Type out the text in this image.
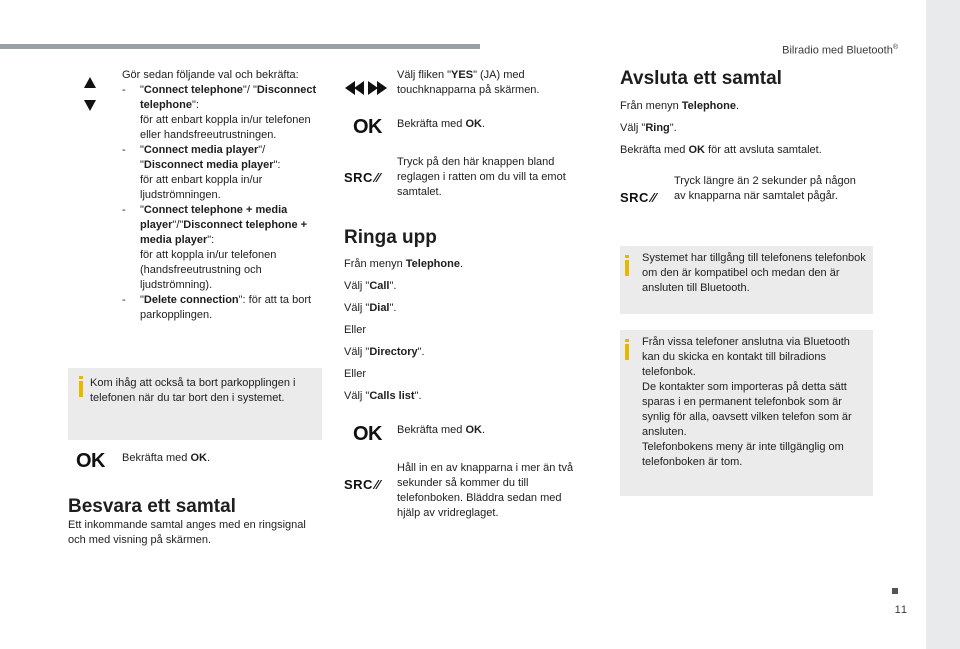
Bilradio med Bluetooth®
11
Gör sedan följande val och bekräfta:
- "Connect telephone"/ "Disconnect telephone":
för att enbart koppla in/ur telefonen eller handsfreeutrustningen.
- "Connect media player"/ "Disconnect media player":
för att enbart koppla in/ur ljudströmningen.
- "Connect telephone + media player"/"Disconnect telephone + media player":
för att koppla in/ur telefonen (handsfreeutrustning och ljudströmning).
- "Delete connection": för att ta bort parkopplingen.
Kom ihåg att också ta bort parkopplingen i telefonen när du tar bort den i systemet.
OK Bekräfta med OK.
Besvara ett samtal
Ett inkommande samtal anges med en ringsignal och med visning på skärmen.
Välj fliken "YES" (JA) med touchknapparna på skärmen.
OK Bekräfta med OK.
SRC ⁄⁄
Tryck på den här knappen bland reglagen i ratten om du vill ta emot samtalet.
Ringa upp
Från menyn Telephone.
Välj "Call".
Välj "Dial".
Eller
Välj "Directory".
Eller
Välj "Calls list".
OK Bekräfta med OK.
SRC ⁄⁄
Håll in en av knapparna i mer än två sekunder så kommer du till telefonboken. Bläddra sedan med hjälp av vridreglaget.
Avsluta ett samtal
Från menyn Telephone.
Välj "Ring".
Bekräfta med OK för att avsluta samtalet.
SRC ⁄⁄
Tryck längre än 2 sekunder på någon av knapparna när samtalet pågår.
Systemet har tillgång till telefonens telefonbok om den är kompatibel och medan den är ansluten till Bluetooth.
Från vissa telefoner anslutna via Bluetooth kan du skicka en kontakt till bilradions telefonbok.
De kontakter som importeras på detta sätt sparas i en permanent telefonbok som är synlig för alla, oavsett vilken telefon som är ansluten.
Telefonbokens meny är inte tillgänglig om telefonboken är tom.
